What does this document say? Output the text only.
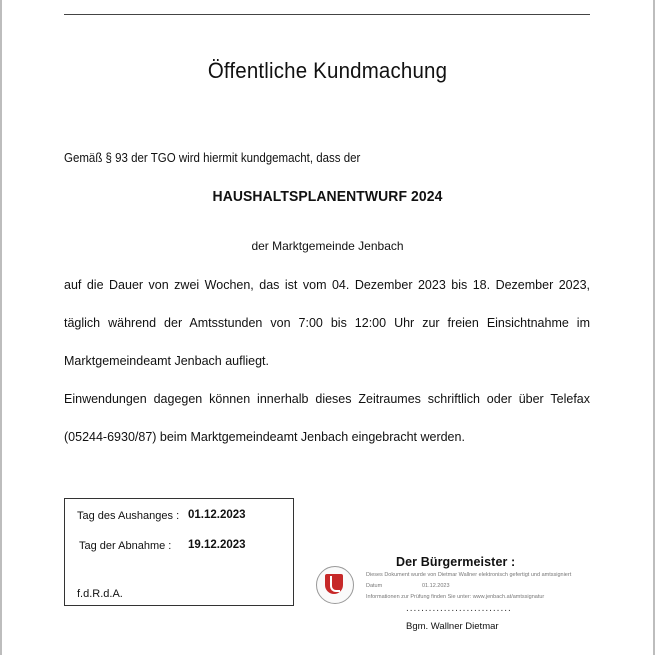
Öffentliche Kundmachung
Gemäß § 93 der TGO wird hiermit kundgemacht, dass der
HAUSHALTSPLANENTWURF 2024
der Marktgemeinde Jenbach
auf die Dauer von zwei Wochen, das ist vom 04. Dezember 2023 bis 18. Dezember 2023,
täglich während der Amtsstunden von 7:00 bis 12:00 Uhr zur freien Einsichtnahme im
Marktgemeindeamt Jenbach aufliegt.
Einwendungen dagegen können innerhalb dieses Zeitraumes schriftlich oder über Telefax
(05244-6930/87) beim Marktgemeindeamt Jenbach eingebracht werden.
Tag des Aushanges : 01.12.2023
Tag der Abnahme : 19.12.2023
f.d.R.d.A.
Der Bürgermeister :
Dieses Dokument wurde von Dietmar Wallner elektronisch gefertigt und amtssigniert
Datum	01.12.2023
Informationen zur Prüfung finden Sie unter: www.jenbach.at/amtssignatur
............................
Bgm. Wallner Dietmar
